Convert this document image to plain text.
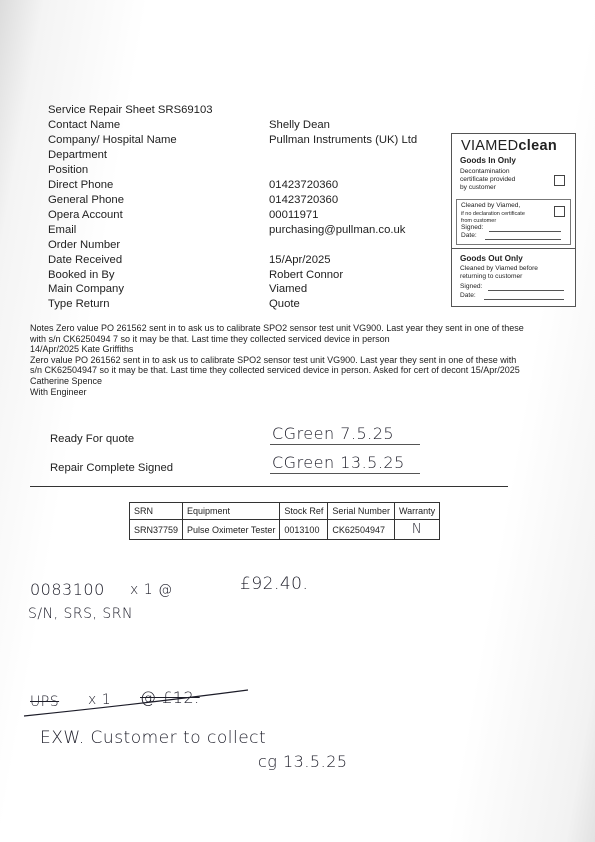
Service Repair Sheet SRS69103
Contact Name	Shelly Dean
Company/ Hospital Name	Pullman Instruments (UK) Ltd
Department
Position
Direct Phone	01423720360
General Phone	01423720360
Opera Account	00011971
Email	purchasing@pullman.co.uk
Order Number
Date Received	15/Apr/2025
Booked in By	Robert Connor
Main Company	Viamed
Type Return	Quote
VIAMEDclean
Goods In Only
Decontamination
certificate provided
by customer
Cleaned by Viamed,
if no declaration certificate
from customer
Signed:
Date:
Goods Out Only
Cleaned by Viamed before
returning to customer
Signed:
Date:

Notes Zero value PO 261562 sent in to ask us to calibrate SPO2 sensor test unit VG900. Last year they sent in one of these

with s/n CK6250494 7 so it may be that. Last time they collected serviced device in person

14/Apr/2025 Kate Griffiths

Zero value PO 261562 sent in to ask us to calibrate SPO2 sensor test unit VG900. Last year they sent in one of these with

s/n CK62504947 so it may be that. Last time they collected serviced device in person. Asked for cert of decont 15/Apr/2025

Catherine Spence

With Engineer

Ready For quote	CGreen 7.5.25
Repair Complete Signed	CGreen 13.5.25
SRN	Equipment	Stock Ref	Serial Number	Warranty
SRN37759	Pulse Oximeter Tester	0013100	CK62504947	N
0083100 x 1 @	£92.40.
S/N, SRS, SRN
UPS x 1 @ £12.
EXW. Customer to collect
cg 13.5.25
